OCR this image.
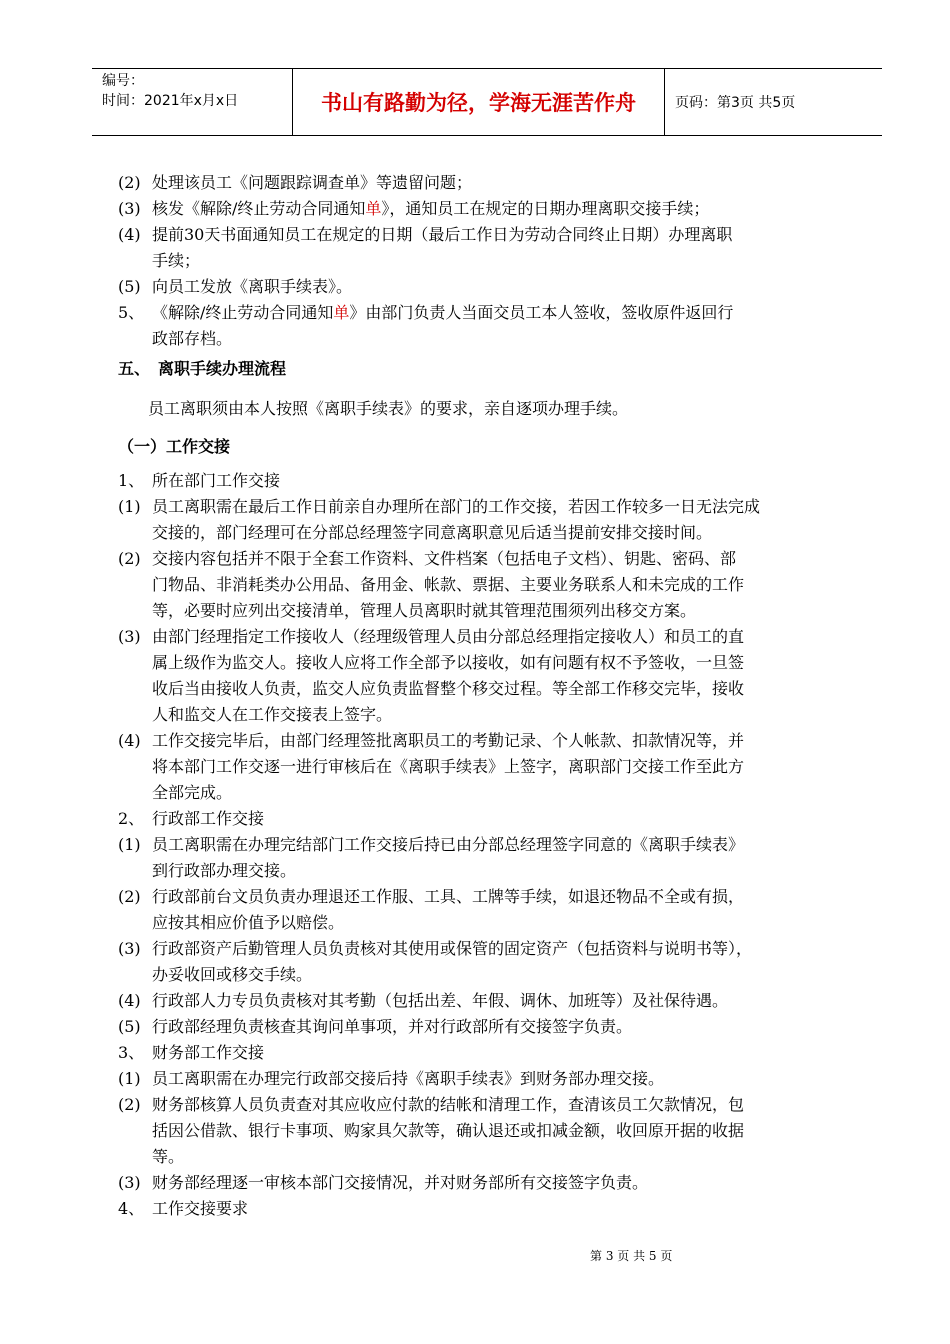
编号：
时间：2021年x月x日	书山有路勤为径，学海无涯苦作舟	页码：第3页 共5页
(2) 处理该员工《问题跟踪调查单》等遗留问题；
(3) 核发《解除/终止劳动合同通知单》，通知员工在规定的日期办理离职交接手续；
(4) 提前30天书面通知员工在规定的日期（最后工作日为劳动合同终止日期）办理离职
手续；
(5) 向员工发放《离职手续表》。
5、 《解除/终止劳动合同通知单》由部门负责人当面交员工本人签收，签收原件返回行
政部存档。
五、 离职手续办理流程
员工离职须由本人按照《离职手续表》的要求，亲自逐项办理手续。
（一）工作交接
1、 所在部门工作交接
(1) 员工离职需在最后工作日前亲自办理所在部门的工作交接，若因工作较多一日无法完成
交接的，部门经理可在分部总经理签字同意离职意见后适当提前安排交接时间。
(2) 交接内容包括并不限于全套工作资料、文件档案（包括电子文档）、钥匙、密码、部
门物品、非消耗类办公用品、备用金、帐款、票据、主要业务联系人和未完成的工作
等，必要时应列出交接清单，管理人员离职时就其管理范围须列出移交方案。
(3) 由部门经理指定工作接收人（经理级管理人员由分部总经理指定接收人）和员工的直
属上级作为监交人。接收人应将工作全部予以接收，如有问题有权不予签收，一旦签
收后当由接收人负责，监交人应负责监督整个移交过程。等全部工作移交完毕，接收
人和监交人在工作交接表上签字。
(4) 工作交接完毕后，由部门经理签批离职员工的考勤记录、个人帐款、扣款情况等，并
将本部门工作交逐一进行审核后在《离职手续表》上签字，离职部门交接工作至此方
全部完成。
2、 行政部工作交接
(1) 员工离职需在办理完结部门工作交接后持已由分部总经理签字同意的《离职手续表》
到行政部办理交接。
(2) 行政部前台文员负责办理退还工作服、工具、工牌等手续，如退还物品不全或有损，
应按其相应价值予以赔偿。
(3) 行政部资产后勤管理人员负责核对其使用或保管的固定资产（包括资料与说明书等），
办妥收回或移交手续。
(4) 行政部人力专员负责核对其考勤（包括出差、年假、调休、加班等）及社保待遇。
(5) 行政部经理负责核查其询问单事项，并对行政部所有交接签字负责。
3、 财务部工作交接
(1) 员工离职需在办理完行政部交接后持《离职手续表》到财务部办理交接。
(2) 财务部核算人员负责查对其应收应付款的结帐和清理工作，查清该员工欠款情况，包
括因公借款、银行卡事项、购家具欠款等，确认退还或扣减金额，收回原开据的收据
等。
(3) 财务部经理逐一审核本部门交接情况，并对财务部所有交接签字负责。
4、 工作交接要求
第 3 页 共 5 页
